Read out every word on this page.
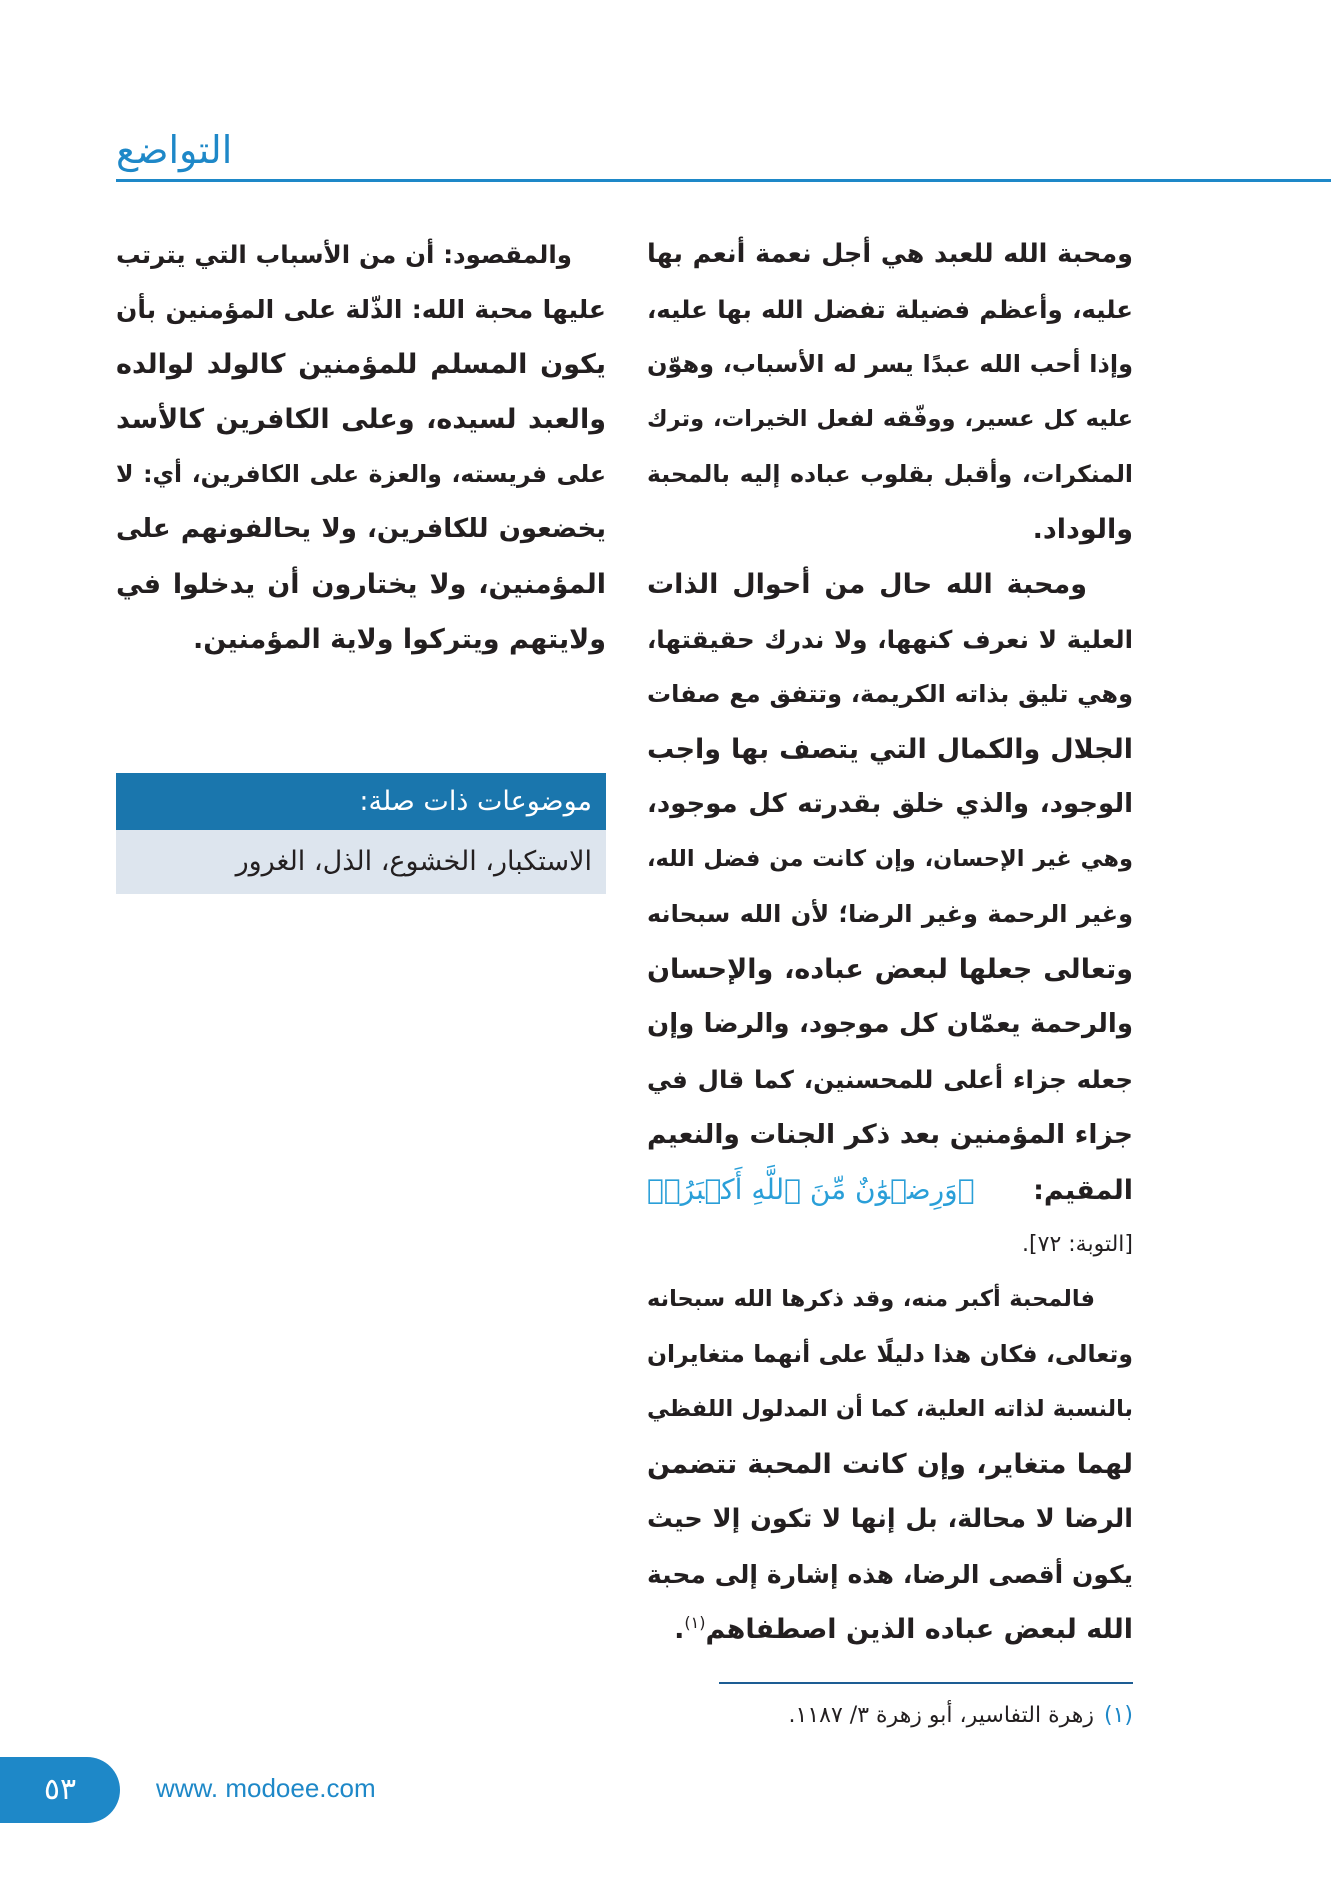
التواضع
ومحبة الله للعبد هي أجل نعمة أنعم بها
عليه، وأعظم فضيلة تفضل الله بها عليه،
وإذا أحب الله عبدًا يسر له الأسباب، وهوّن
عليه كل عسير، ووفّقه لفعل الخيرات، وترك
المنكرات، وأقبل بقلوب عباده إليه بالمحبة
والوداد.
ومحبة الله حال من أحوال الذات
العلية لا نعرف كنهها، ولا ندرك حقيقتها،
وهي تليق بذاته الكريمة، وتتفق مع صفات
الجلال والكمال التي يتصف بها واجب
الوجود، والذي خلق بقدرته كل موجود،
وهي غير الإحسان، وإن كانت من فضل الله،
وغير الرحمة وغير الرضا؛ لأن الله سبحانه
وتعالى جعلها لبعض عباده، والإحسان
والرحمة يعمّان كل موجود، والرضا وإن
جعله جزاء أعلى للمحسنين، كما قال في
جزاء المؤمنين بعد ذكر الجنات والنعيم
المقيم:
﴿وَرِضۡوَٰنٌ مِّنَ ٱللَّهِ أَكۡبَرُۚ﴾
[التوبة: ٧٢].
فالمحبة أكبر منه، وقد ذكرها الله سبحانه
وتعالى، فكان هذا دليلًا على أنهما متغايران
بالنسبة لذاته العلية، كما أن المدلول اللفظي
لهما متغاير، وإن كانت المحبة تتضمن
الرضا لا محالة، بل إنها لا تكون إلا حيث
يكون أقصى الرضا، هذه إشارة إلى محبة
الله لبعض عباده الذين اصطفاهم$^{(١)}$.
والمقصود: أن من الأسباب التي يترتب
عليها محبة الله: الذّلة على المؤمنين بأن
يكون المسلم للمؤمنين كالولد لوالده
والعبد لسيده، وعلى الكافرين كالأسد
على فريسته، والعزة على الكافرين، أي: لا
يخضعون للكافرين، ولا يحالفونهم على
المؤمنين، ولا يختارون أن يدخلوا في
ولايتهم ويتركوا ولاية المؤمنين.
موضوعات ذات صلة:
الاستكبار، الخشوع، الذل، الغرور
(١)زهرة التفاسير، أبو زهرة ٣/ ١١٨٧.
٥٣	www. modoee.com
